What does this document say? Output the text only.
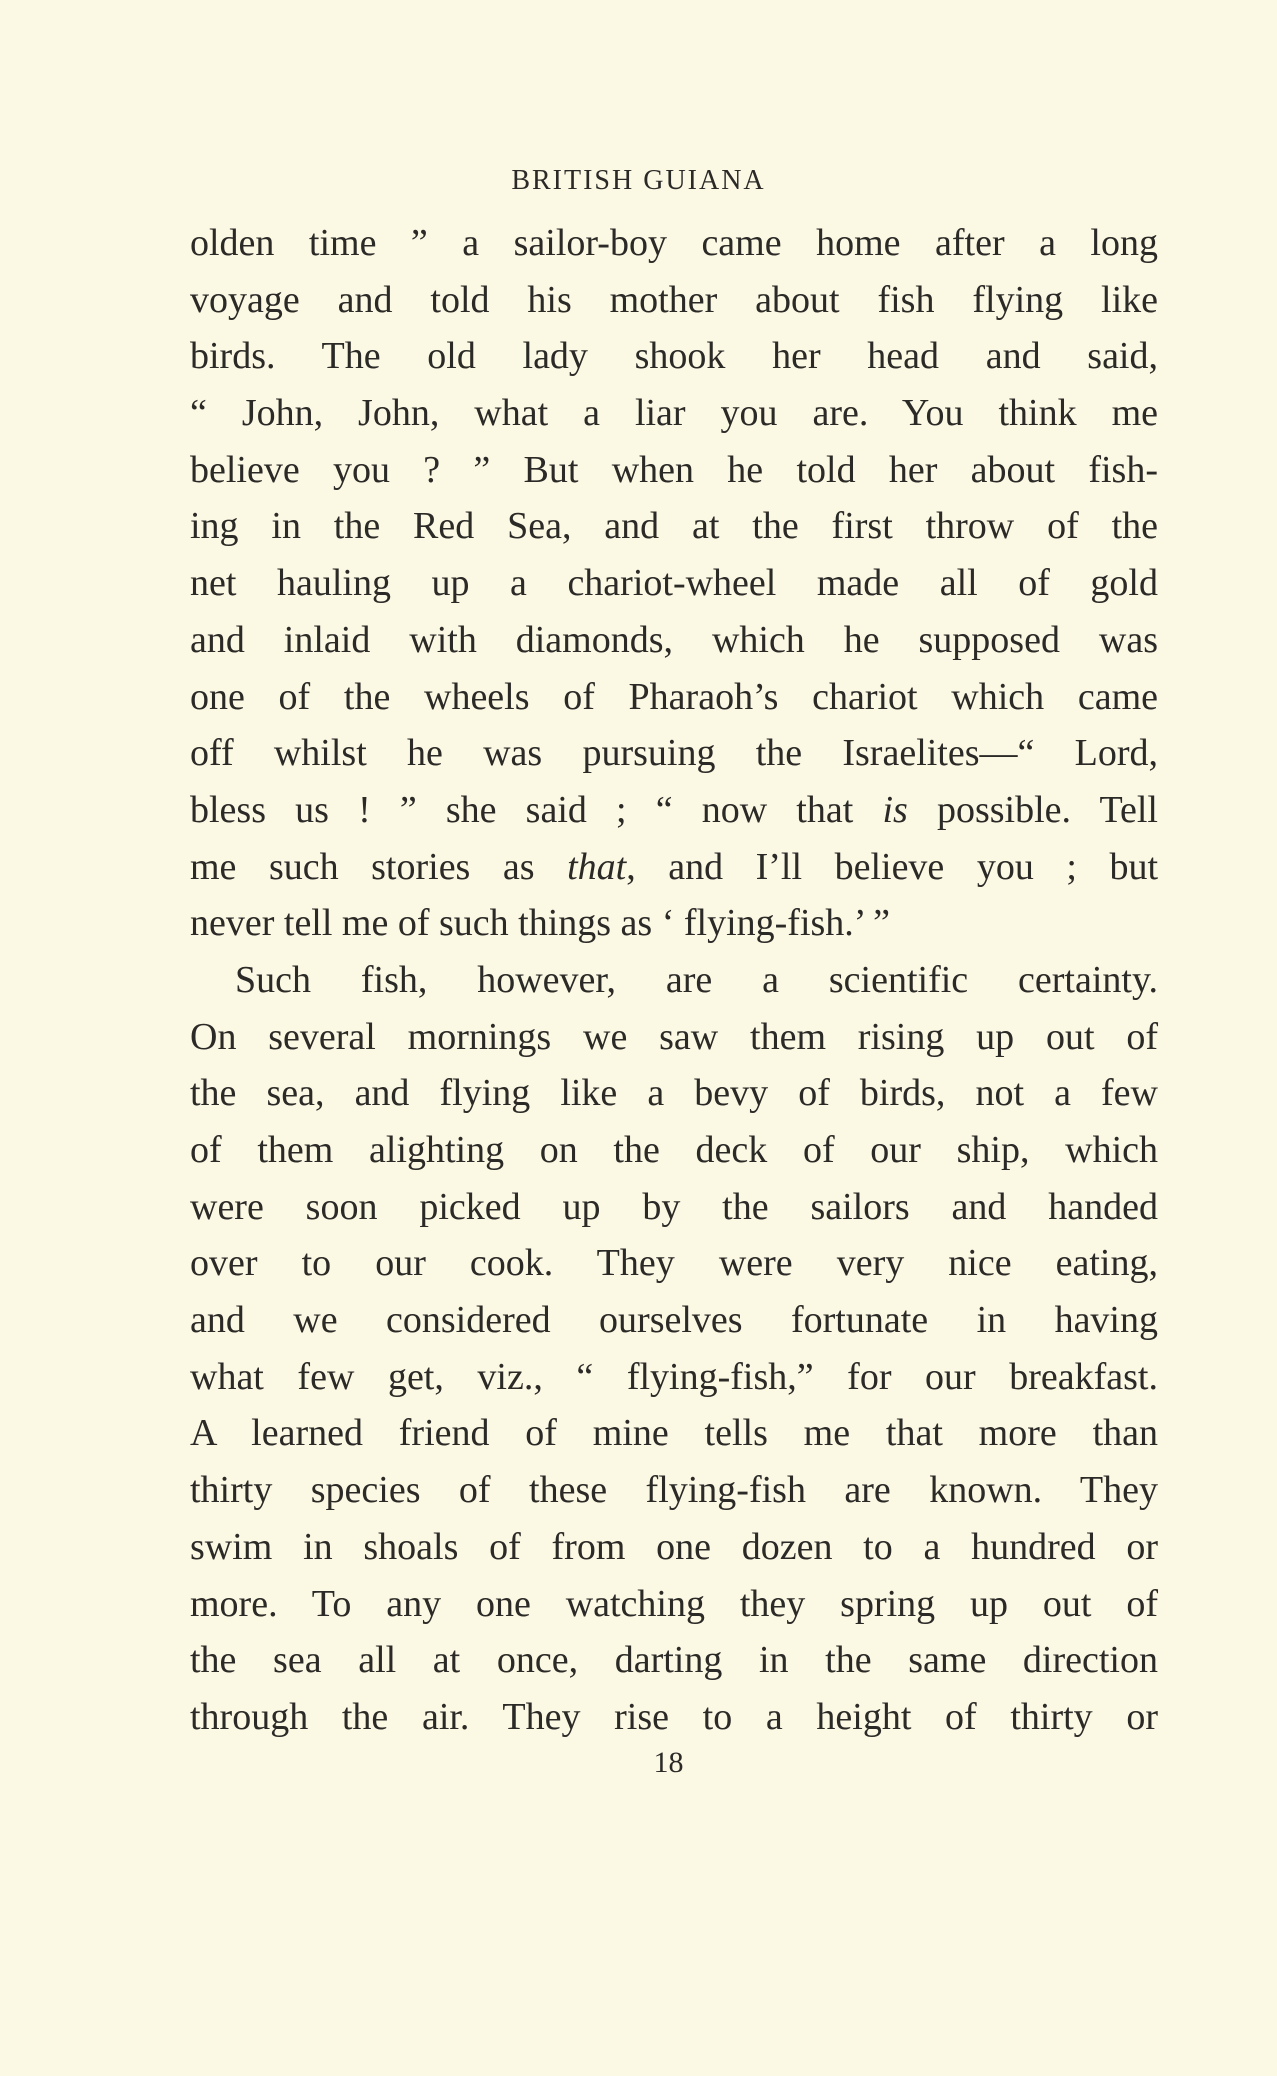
BRITISH GUIANA
olden time ” a sailor-boy came home after a long
voyage and told his mother about fish flying like
birds. The old lady shook her head and said,
“ John, John, what a liar you are. You think me
believe you ? ” But when he told her about fish-
ing in the Red Sea, and at the first throw of the
net hauling up a chariot-wheel made all of gold
and inlaid with diamonds, which he supposed was
one of the wheels of Pharaoh’s chariot which came
off whilst he was pursuing the Israelites—“ Lord,
bless us ! ” she said ; “ now that is possible. Tell
me such stories as that, and I’ll believe you ; but
never tell me of such things as ‘ flying-fish.’ ”
Such fish, however, are a scientific certainty.
On several mornings we saw them rising up out of
the sea, and flying like a bevy of birds, not a few
of them alighting on the deck of our ship, which
were soon picked up by the sailors and handed
over to our cook. They were very nice eating,
and we considered ourselves fortunate in having
what few get, viz., “ flying-fish,” for our breakfast.
A learned friend of mine tells me that more than
thirty species of these flying-fish are known. They
swim in shoals of from one dozen to a hundred or
more. To any one watching they spring up out of
the sea all at once, darting in the same direction
through the air. They rise to a height of thirty or
18
